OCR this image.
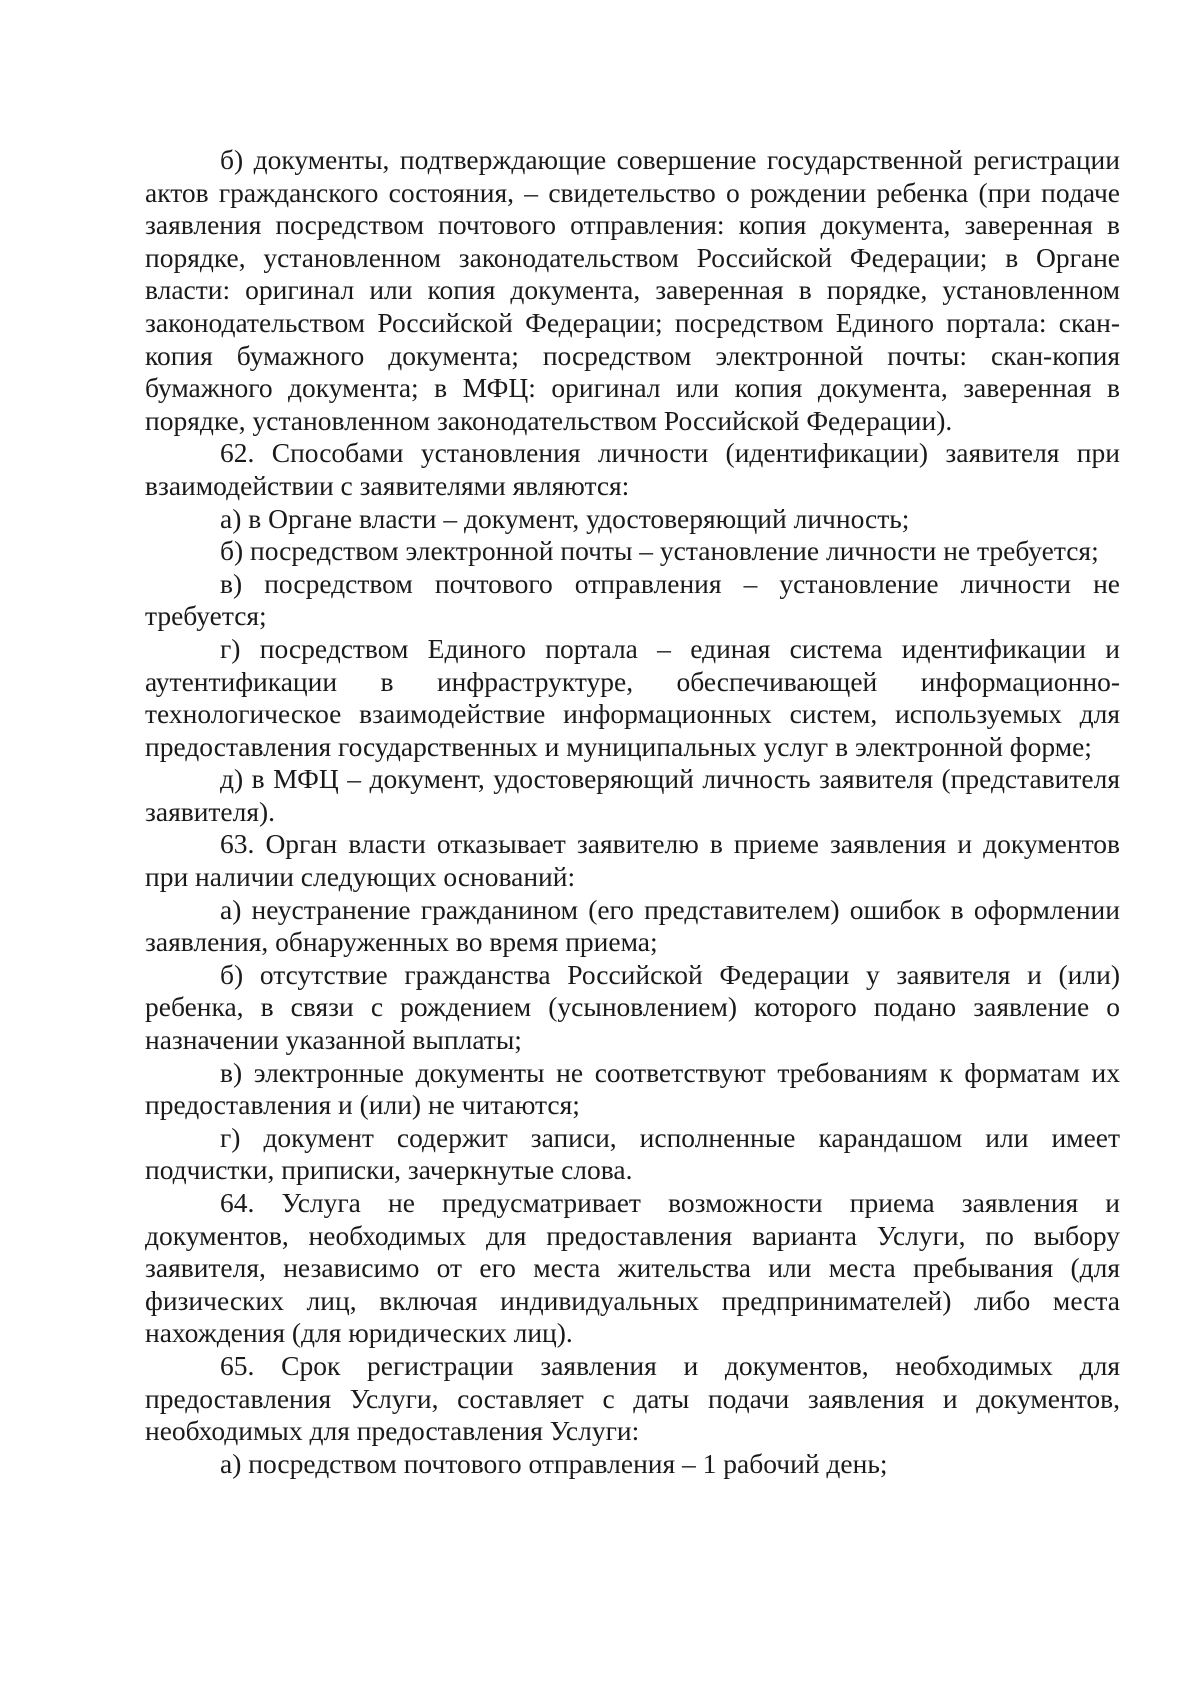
б) документы, подтверждающие совершение государственной регистрации актов гражданского состояния, – свидетельство о рождении ребенка (при подаче заявления посредством почтового отправления: копия документа, заверенная в порядке, установленном законодательством Российской Федерации; в Органе власти: оригинал или копия документа, заверенная в порядке, установленном законодательством Российской Федерации; посредством Единого портала: скан-копия бумажного документа; посредством электронной почты: скан-копия бумажного документа; в МФЦ: оригинал или копия документа, заверенная в порядке, установленном законодательством Российской Федерации).

62. Способами установления личности (идентификации) заявителя при взаимодействии с заявителями являются:

а) в Органе власти – документ, удостоверяющий личность;

б) посредством электронной почты – установление личности не требуется;

в) посредством почтового отправления – установление личности не требуется;

г) посредством Единого портала – единая система идентификации и аутентификации в инфраструктуре, обеспечивающей информационно-технологическое взаимодействие информационных систем, используемых для предоставления государственных и муниципальных услуг в электронной форме;

д) в МФЦ – документ, удостоверяющий личность заявителя (представителя заявителя).

63. Орган власти отказывает заявителю в приеме заявления и документов при наличии следующих оснований:

а) неустранение гражданином (его представителем) ошибок в оформлении заявления, обнаруженных во время приема;

б) отсутствие гражданства Российской Федерации у заявителя и (или) ребенка, в связи с рождением (усыновлением) которого подано заявление о назначении указанной выплаты;

в) электронные документы не соответствуют требованиям к форматам их предоставления и (или) не читаются;

г) документ содержит записи, исполненные карандашом или имеет подчистки, приписки, зачеркнутые слова.

64. Услуга не предусматривает возможности приема заявления и документов, необходимых для предоставления варианта Услуги, по выбору заявителя, независимо от его места жительства или места пребывания (для физических лиц, включая индивидуальных предпринимателей) либо места нахождения (для юридических лиц).

65. Срок регистрации заявления и документов, необходимых для предоставления Услуги, составляет с даты подачи заявления и документов, необходимых для предоставления Услуги:

а) посредством почтового отправления – 1 рабочий день;
